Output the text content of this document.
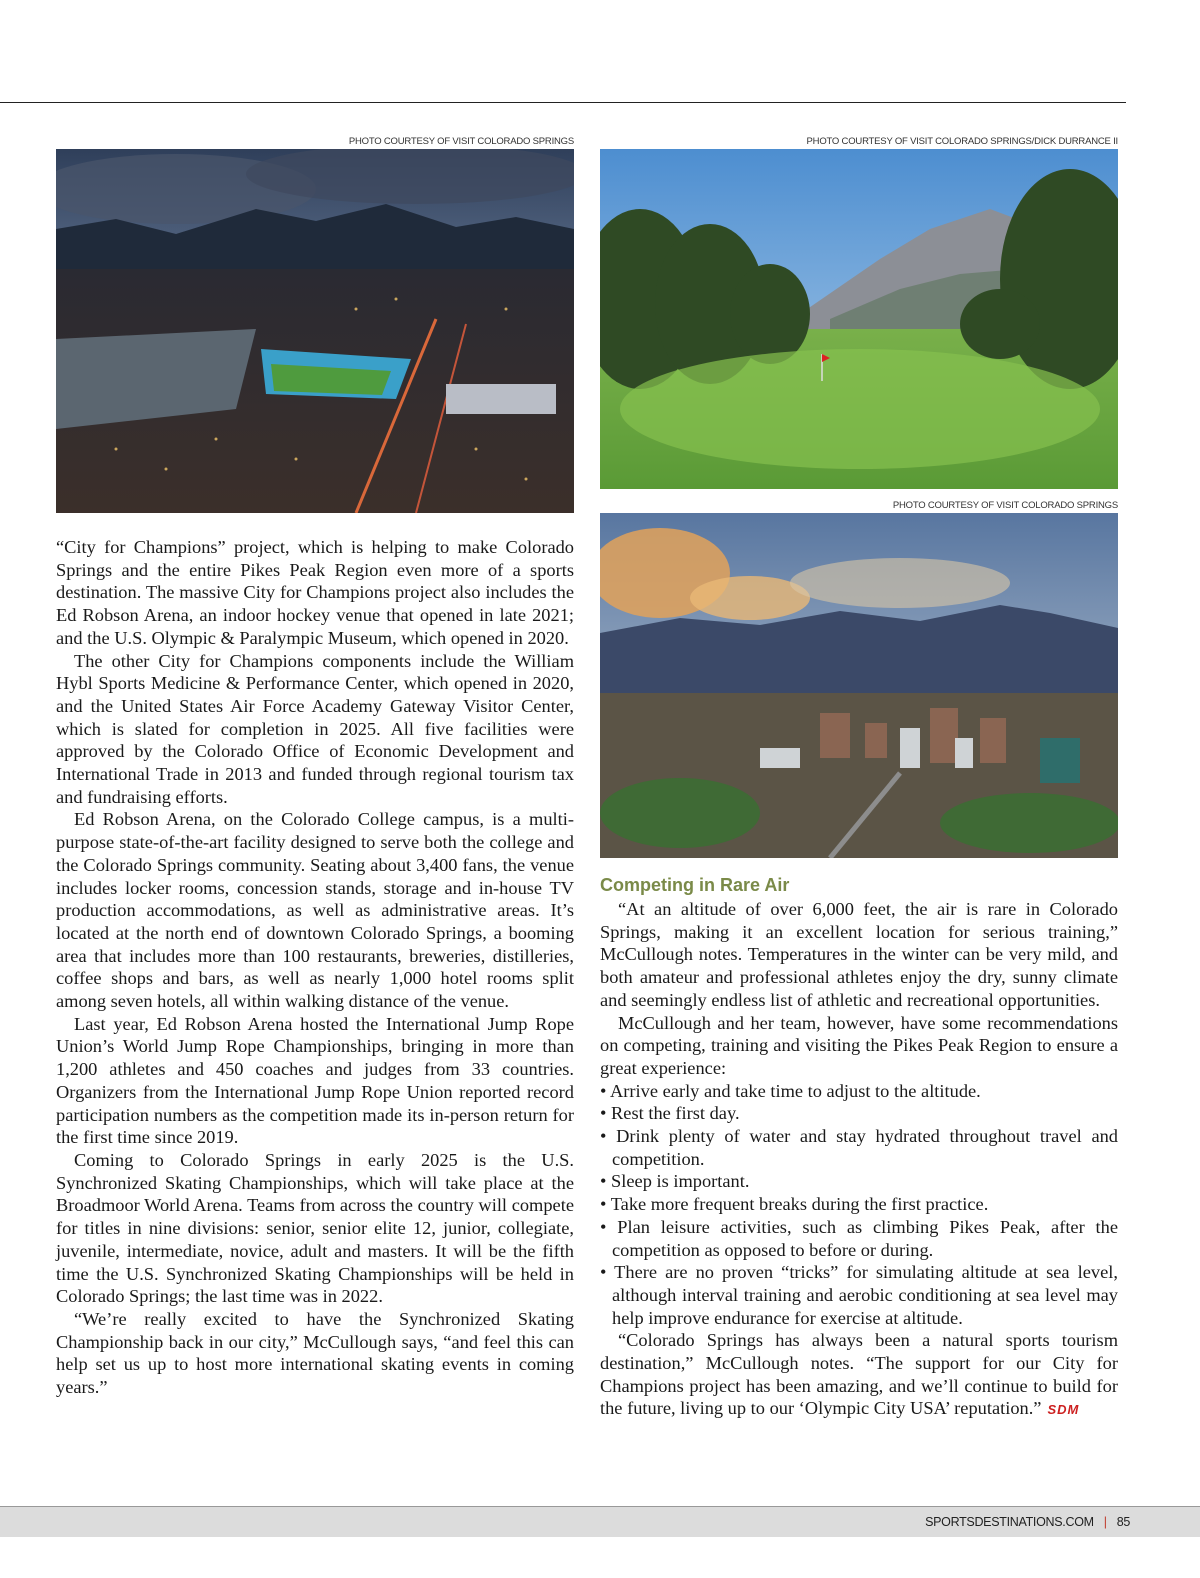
PHOTO COURTESY OF VISIT COLORADO SPRINGS	PHOTO COURTESY OF VISIT COLORADO SPRINGS/DICK DURRANCE II
PHOTO COURTESY OF VISIT COLORADO SPRINGS

“City for Champions” project, which is helping to make Colorado Springs and the entire Pikes Peak Region even more of a sports destination. The massive City for Champions project also includes the Ed Robson Arena, an indoor hockey venue that opened in late 2021; and the U.S. Olympic & Paralympic Museum, which opened in 2020.

The other City for Champions components include the William Hybl Sports Medicine & Performance Center, which opened in 2020, and the United States Air Force Academy Gateway Visitor Center, which is slated for completion in 2025. All five facilities were approved by the Colorado Office of Economic Development and International Trade in 2013 and funded through regional tourism tax and fundraising efforts.

Ed Robson Arena, on the Colorado College campus, is a multi-purpose state-of-the-art facility designed to serve both the college and the Colorado Springs community. Seating about 3,400 fans, the venue includes locker rooms, concession stands, storage and in-house TV production accommodations, as well as administrative areas. It’s located at the north end of downtown Colorado Springs, a booming area that includes more than 100 restaurants, breweries, distilleries, coffee shops and bars, as well as nearly 1,000 hotel rooms split among seven hotels, all within walking distance of the venue.

Last year, Ed Robson Arena hosted the International Jump Rope Union’s World Jump Rope Championships, bringing in more than 1,200 athletes and 450 coaches and judges from 33 countries. Organizers from the International Jump Rope Union reported record participation numbers as the competition made its in-person return for the first time since 2019.

Coming to Colorado Springs in early 2025 is the U.S. Synchronized Skating Championships, which will take place at the Broadmoor World Arena. Teams from across the country will compete for titles in nine divisions: senior, senior elite 12, junior, collegiate, juvenile, intermediate, novice, adult and masters. It will be the fifth time the U.S. Synchronized Skating Championships will be held in Colorado Springs; the last time was in 2022.

“We’re really excited to have the Synchronized Skating Championship back in our city,” McCullough says, “and feel this can help set us up to host more international skating events in coming years.”

Competing in Rare Air

“At an altitude of over 6,000 feet, the air is rare in Colorado Springs, making it an excellent location for serious training,” McCullough notes. Temperatures in the winter can be very mild, and both amateur and professional athletes enjoy the dry, sunny climate and seemingly endless list of athletic and recreational opportunities.

McCullough and her team, however, have some recommendations on competing, training and visiting the Pikes Peak Region to ensure a great experience:

• Arrive early and take time to adjust to the altitude.
• Rest the first day.
• Drink plenty of water and stay hydrated throughout travel and competition.
• Sleep is important.
• Take more frequent breaks during the first practice.
• Plan leisure activities, such as climbing Pikes Peak, after the competition as opposed to before or during.
• There are no proven “tricks” for simulating altitude at sea level, although interval training and aerobic conditioning at sea level may help improve endurance for exercise at altitude.

“Colorado Springs has always been a natural sports tourism destination,” McCullough notes. “The support for our City for Champions project has been amazing, and we’ll continue to build for the future, living up to our ‘Olympic City USA’ reputation.” SDM

SPORTSDESTINATIONS.COM | 85
